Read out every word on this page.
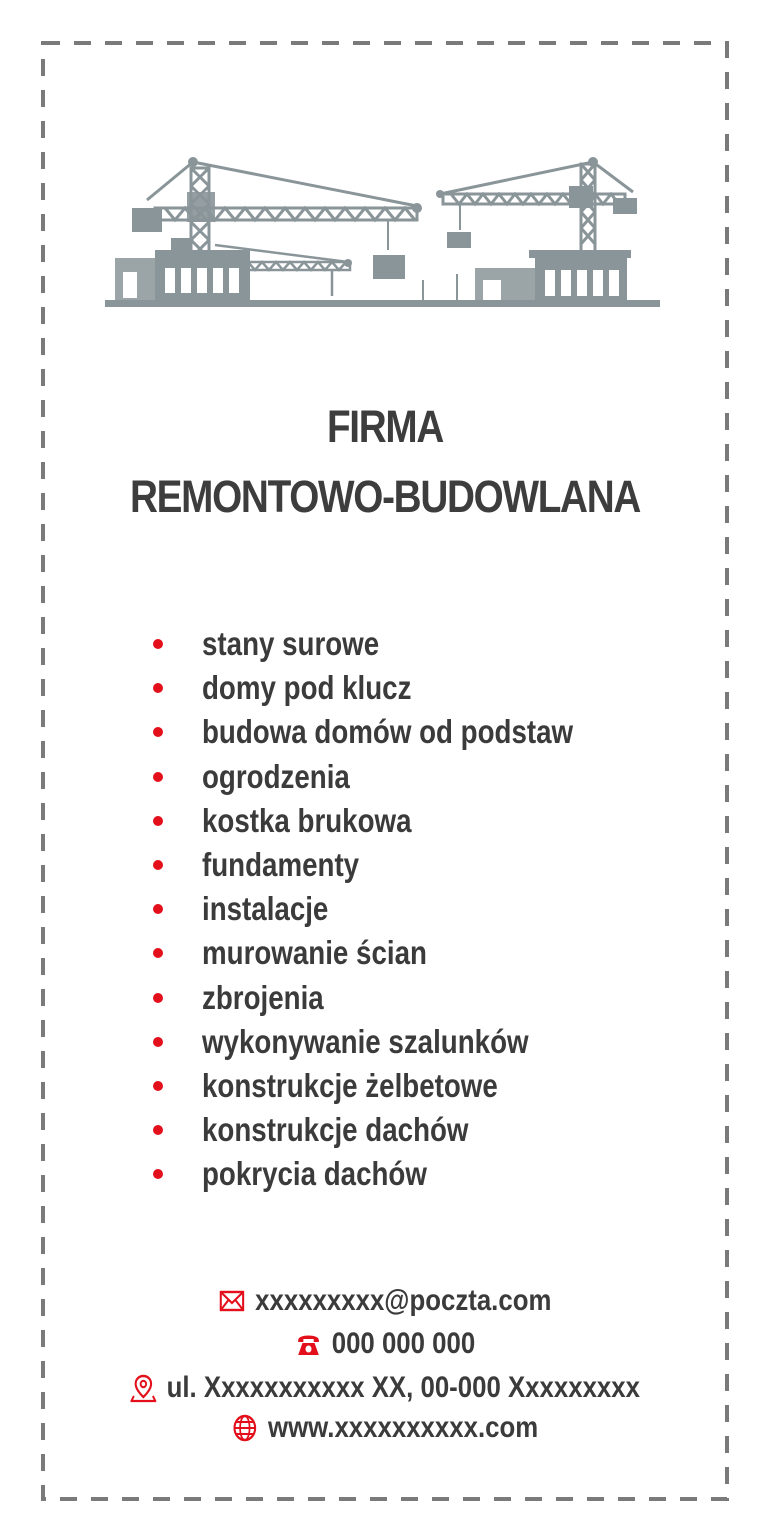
FIRMA
REMONTOWO-BUDOWLANA
stany surowe
domy pod klucz
budowa domów od podstaw
ogrodzenia
kostka brukowa
fundamenty
instalacje
murowanie ścian
zbrojenia
wykonywanie szalunków
konstrukcje żelbetowe
konstrukcje dachów
pokrycia dachów
xxxxxxxxx@poczta.com
000 000 000
ul. Xxxxxxxxxxx XX, 00-000 Xxxxxxxxx
www.xxxxxxxxxx.com
